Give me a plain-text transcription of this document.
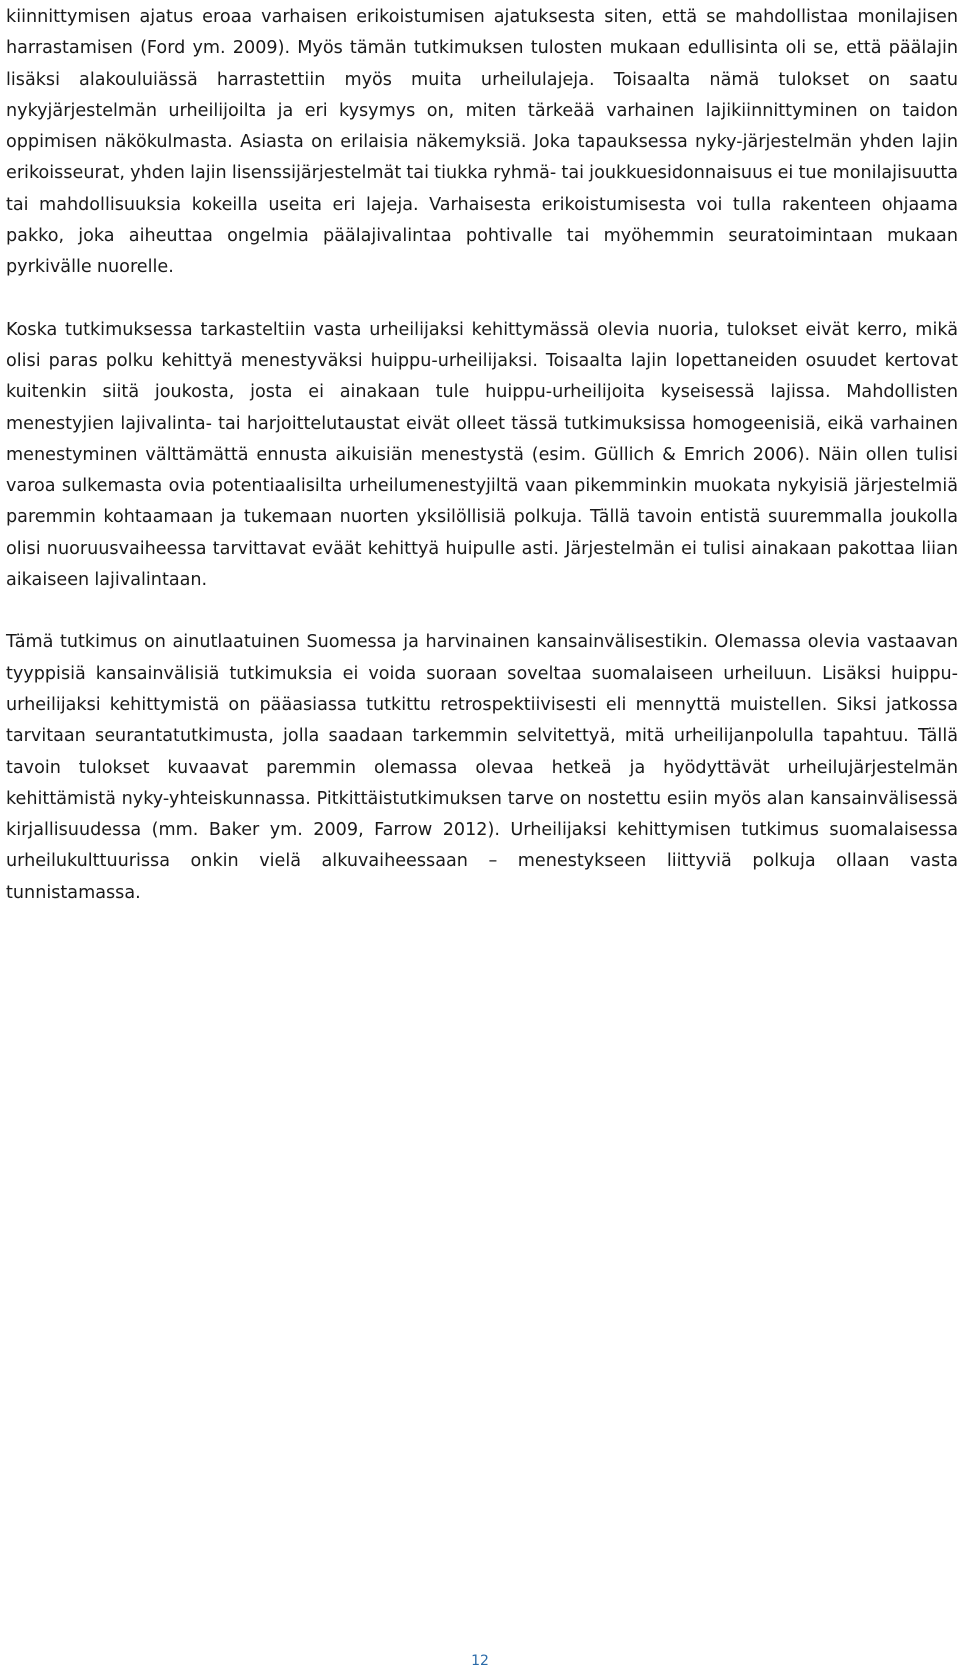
kiinnittymisen ajatus eroaa varhaisen erikoistumisen ajatuksesta siten, että se mahdollistaa monilajisen harrastamisen (Ford ym. 2009). Myös tämän tutkimuksen tulosten mukaan edullisinta oli se, että päälajin lisäksi alakouluiässä harrastettiin myös muita urheilulajeja. Toisaalta nämä tulokset on saatu nykyjärjestelmän urheilijoilta ja eri kysymys on, miten tärkeää varhainen lajikiinnittyminen on taidon oppimisen näkökulmasta. Asiasta on erilaisia näkemyksiä. Joka tapauksessa nyky-järjestelmän yhden lajin erikoisseurat, yhden lajin lisenssijärjestelmät tai tiukka ryhmä- tai joukkuesidonnaisuus ei tue monilajisuutta tai mahdollisuuksia kokeilla useita eri lajeja. Varhaisesta erikoistumisesta voi tulla rakenteen ohjaama pakko, joka aiheuttaa ongelmia päälajivalintaa pohtivalle tai myöhemmin seuratoimintaan mukaan pyrkivälle nuorelle.

Koska tutkimuksessa tarkasteltiin vasta urheilijaksi kehittymässä olevia nuoria, tulokset eivät kerro, mikä olisi paras polku kehittyä menestyväksi huippu-urheilijaksi. Toisaalta lajin lopettaneiden osuudet kertovat kuitenkin siitä joukosta, josta ei ainakaan tule huippu-urheilijoita kyseisessä lajissa. Mahdollisten menestyjien lajivalinta- tai harjoittelutaustat eivät olleet tässä tutkimuksissa homogeenisiä, eikä varhainen menestyminen välttämättä ennusta aikuisiän menestystä (esim. Güllich & Emrich 2006). Näin ollen tulisi varoa sulkemasta ovia potentiaalisilta urheilumenestyjiltä vaan pikemminkin muokata nykyisiä järjestelmiä paremmin kohtaamaan ja tukemaan nuorten yksilöllisiä polkuja. Tällä tavoin entistä suuremmalla joukolla olisi nuoruusvaiheessa tarvittavat eväät kehittyä huipulle asti. Järjestelmän ei tulisi ainakaan pakottaa liian aikaiseen lajivalintaan.

Tämä tutkimus on ainutlaatuinen Suomessa ja harvinainen kansainvälisestikin. Olemassa olevia vastaavan tyyppisiä kansainvälisiä tutkimuksia ei voida suoraan soveltaa suomalaiseen urheiluun. Lisäksi huippu-urheilijaksi kehittymistä on pääasiassa tutkittu retrospektiivisesti eli mennyttä muistellen. Siksi jatkossa tarvitaan seurantatutkimusta, jolla saadaan tarkemmin selvitettyä, mitä urheilijanpolulla tapahtuu. Tällä tavoin tulokset kuvaavat paremmin olemassa olevaa hetkeä ja hyödyttävät urheilujärjestelmän kehittämistä nyky-yhteiskunnassa. Pitkittäistutkimuksen tarve on nostettu esiin myös alan kansainvälisessä kirjallisuudessa (mm. Baker ym. 2009, Farrow 2012). Urheilijaksi kehittymisen tutkimus suomalaisessa urheilukulttuurissa onkin vielä alkuvaiheessaan – menestykseen liittyviä polkuja ollaan vasta tunnistamassa.

12
